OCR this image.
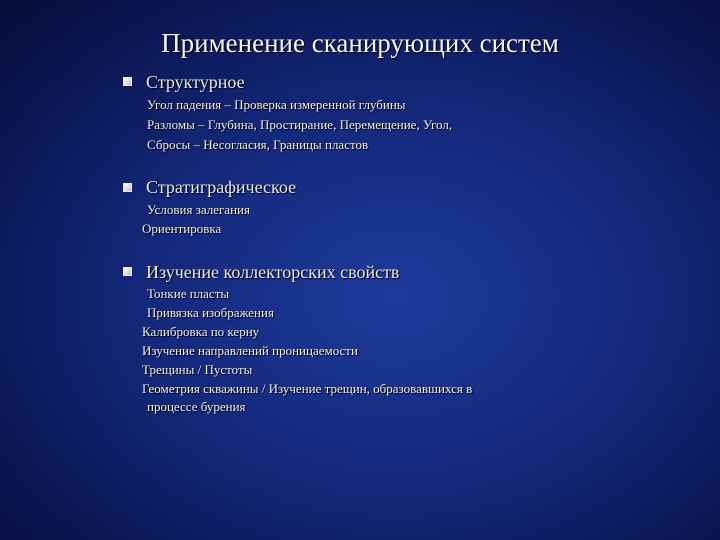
Применение сканирующих систем
Структурное
Угол падения – Проверка измеренной глубины
Разломы – Глубина, Простирание, Перемещение, Угол,
Сбросы – Несогласия, Границы пластов
Стратиграфическое
Условия залегания
Ориентировка
Изучение коллекторских свойств
Тонкие пласты
Привязка изображения
Калибровка по керну
Изучение направлений проницаемости
Трещины / Пустоты
Геометрия скважины / Изучение трещин, образовавшихся в
процессе бурения
